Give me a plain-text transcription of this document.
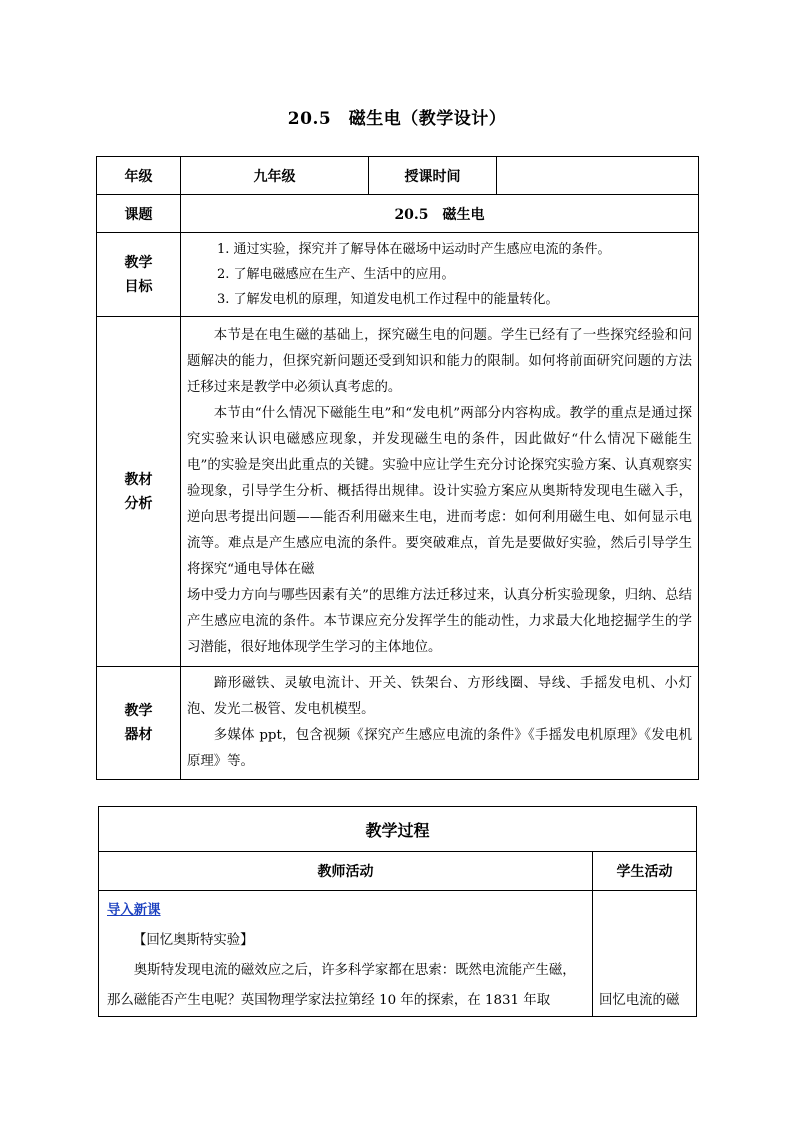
20.5　磁生电（教学设计）
年级	九年级	授课时间	
课题	20.5　磁生电		

教学目标	1. 通过实验，探究并了解导体在磁场中运动时产生感应电流的条件。
2. 了解电磁感应在生产、生活中的应用。
3. 了解发电机的原理，知道发电机工作过程中的能量转化。		

教材分析	本节是在电生磁的基础上，探究磁生电的问题。学生已经有了一些探究经验和问题解决的能力，但探究新问题还受到知识和能力的限制。如何将前面研究问题的方法迁移过来是教学中必须认真考虑的。

本节由“什么情况下磁能生电”和“发电机”两部分内容构成。教学的重点是通过探究实验来认识电磁感应现象，并发现磁生电的条件，因此做好“什么情况下磁能生电”的实验是突出此重点的关键。实验中应让学生充分讨论探究实验方案、认真观察实验现象，引导学生分析、概括得出规律。设计实验方案应从奥斯特发现电生磁入手，逆向思考提出问题——能否利用磁来生电，进而考虑：如何利用磁生电、如何显示电流等。难点是产生感应电流的条件。要突破难点，首先是要做好实验，然后引导学生将探究“通电导体在磁

场中受力方向与哪些因素有关”的思维方法迁移过来，认真分析实验现象，归纳、总结产生感应电流的条件。本节课应充分发挥学生的能动性，力求最大化地挖掘学生的学习潜能，很好地体现学生学习的主体地位。		

教学器材	蹄形磁铁、灵敏电流计、开关、铁架台、方形线圈、导线、手摇发电机、小灯泡、发光二极管、发电机模型。

多媒体 ppt，包含视频《探究产生感应电流的条件》《手摇发电机原理》《发电机原理》等。		

教学过程	
教师活动	学生活动

导入新课

【回忆奥斯特实验】

奥斯特发现电流的磁效应之后，许多科学家都在思索：既然电流能产生磁，那么磁能否产生电呢？英国物理学家法拉第经 10 年的探索，在 1831 年取	回忆电流的磁
